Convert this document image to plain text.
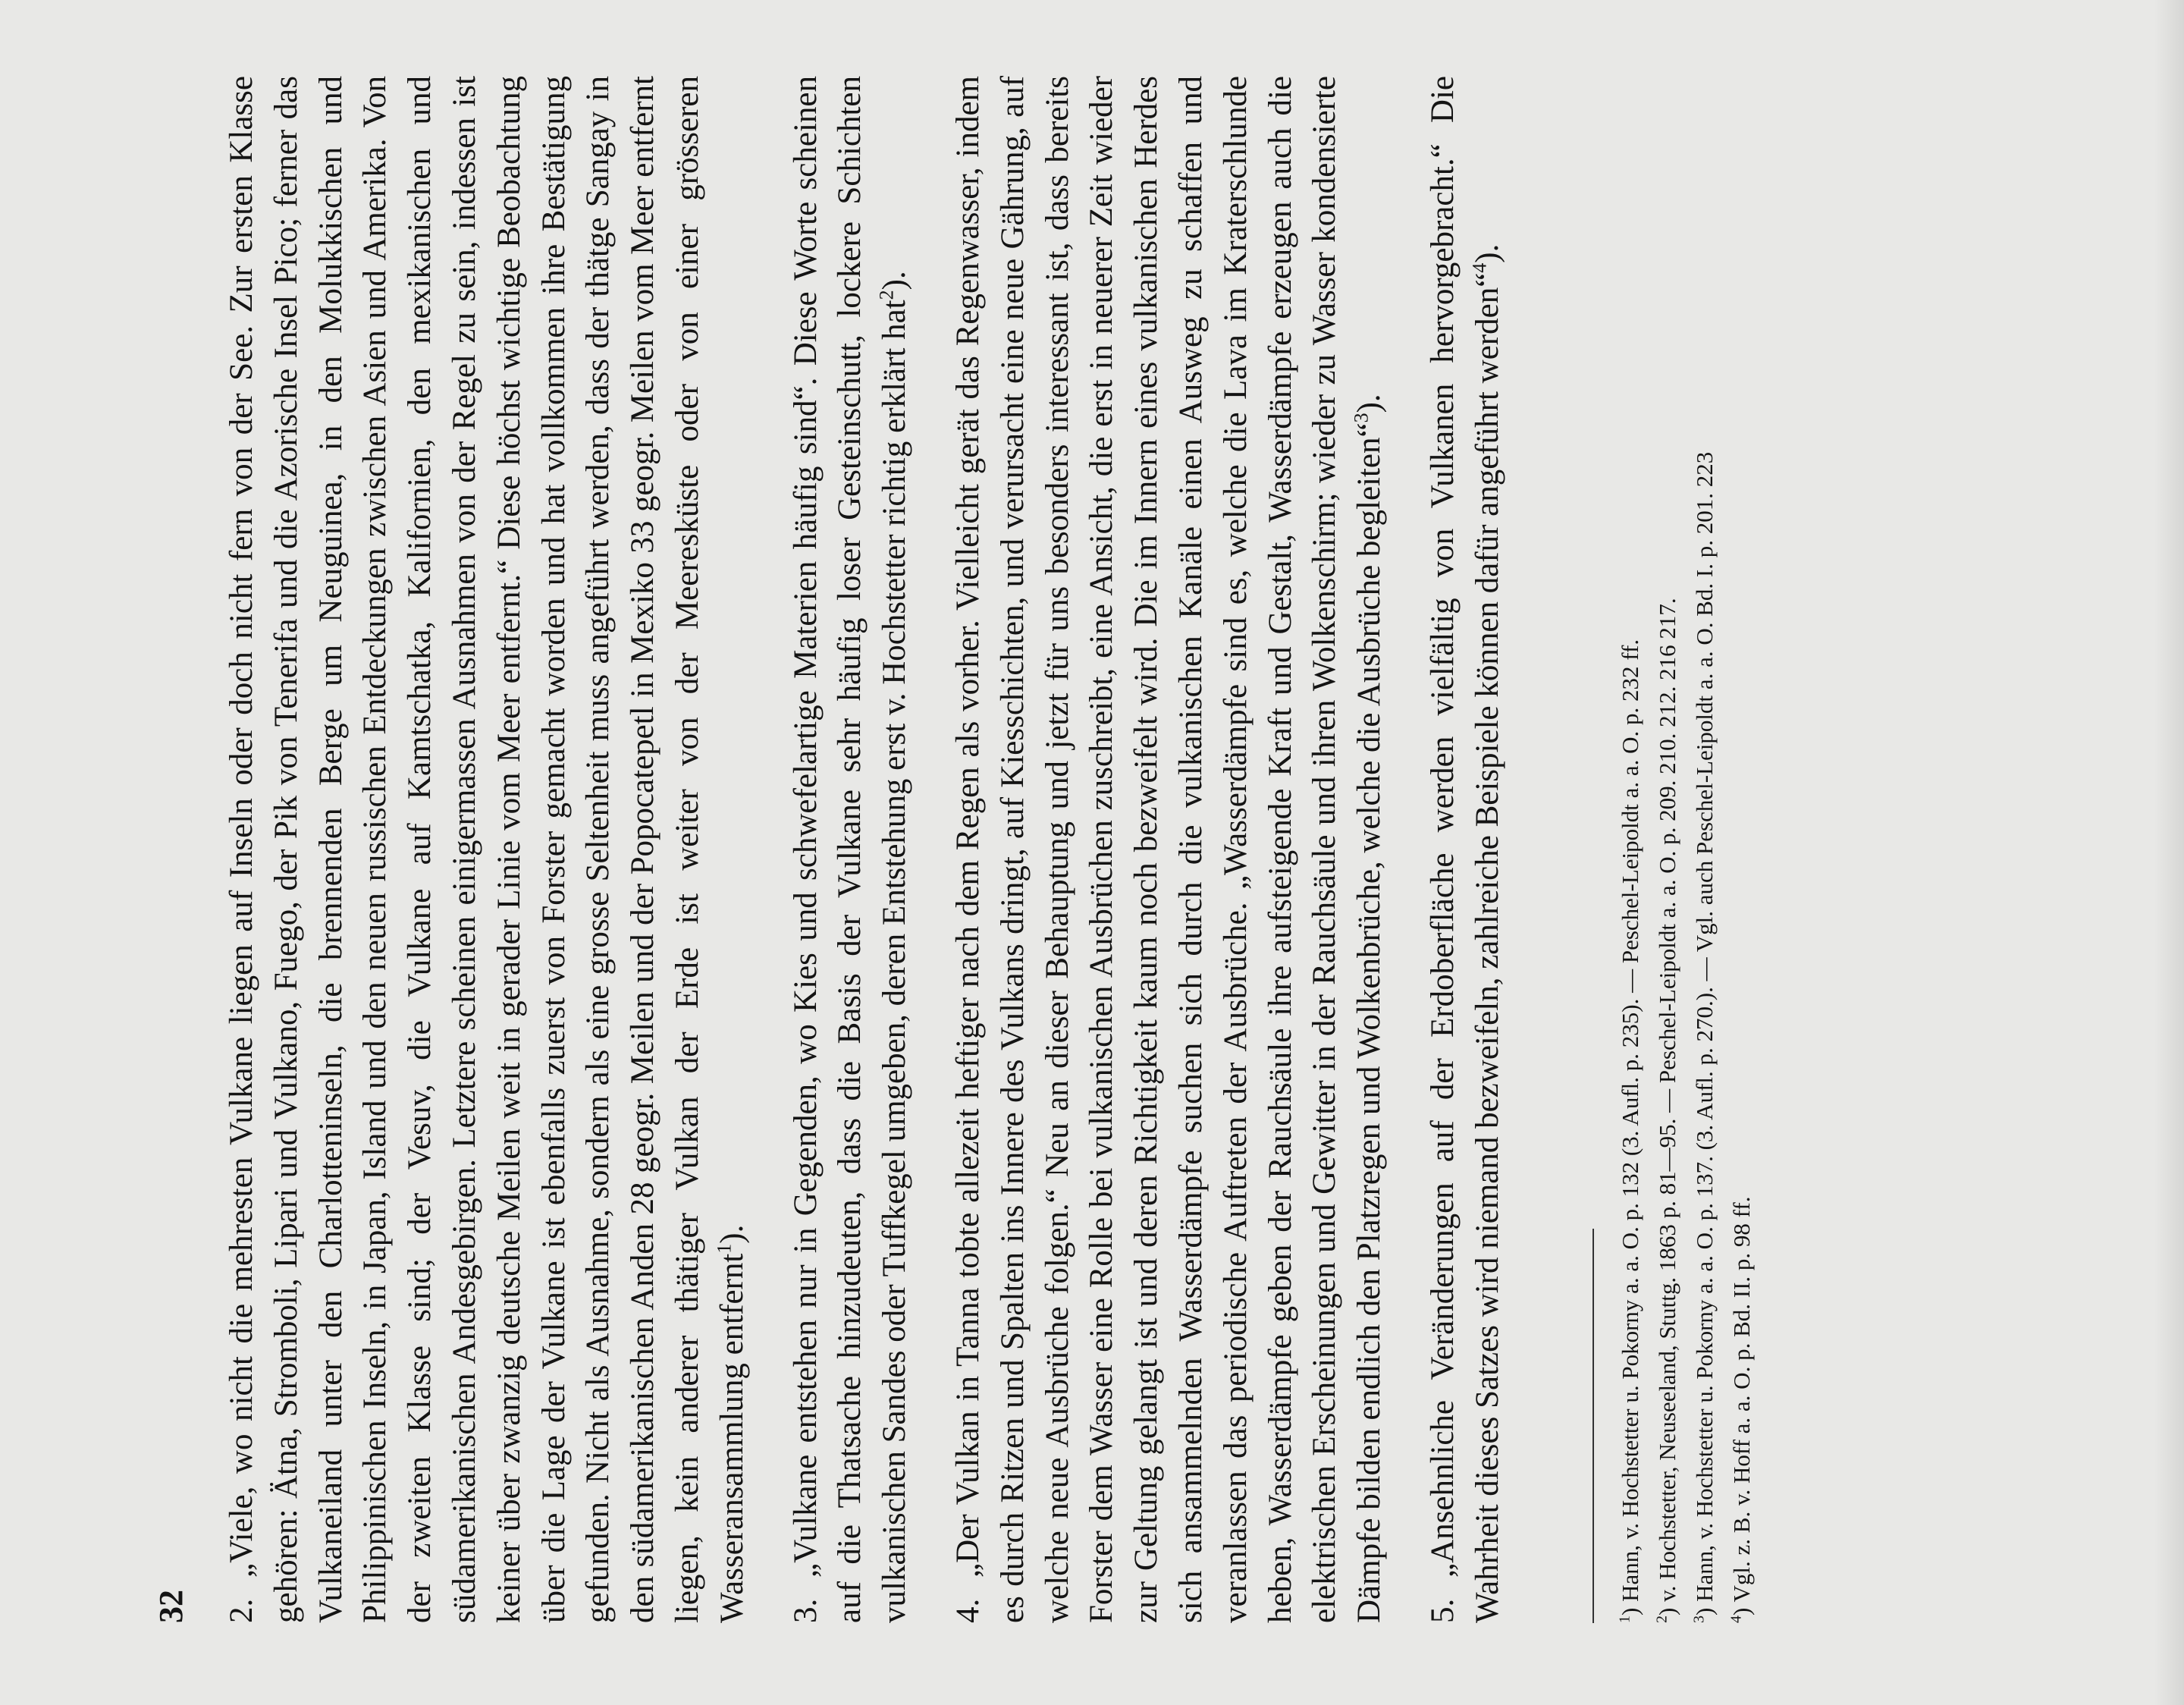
32 2.„Viele, wo nicht die mehresten Vulkane liegen auf Inseln oder doch nicht fern von der See. Zur ersten Klasse gehören: Ätna, Stromboli, Lipari und Vulkano, Fuego, der Pik von Tenerifa und die Azorische Insel Pico; ferner das Vulkaneiland unter den Charlotteninseln, die brennenden Berge um Neuguinea, in den Molukkischen und Philippinischen Inseln, in Japan, Island und den neuen russischen Entdeckungen zwischen Asien und Amerika. Von der zweiten Klasse sind; der Vesuv, die Vulkane auf Kamtschatka, Kalifornien, den mexikanischen und südamerikanischen Andesgebirgen. Letztere scheinen einigermassen Ausnahmen von der Regel zu sein, indessen ist keiner über zwanzig deutsche Meilen weit in gerader Linie vom Meer entfernt.“ Diese höchst wichtige Beobachtung über die Lage der Vulkane ist ebenfalls zuerst von Forster gemacht worden und hat vollkommen ihre Bestätigung gefunden. Nicht als Ausnahme, sondern als eine grosse Seltenheit muss angeführt werden, dass der thätge Sangay in den südamerikanischen Anden 28 geogr. Meilen und der Popocatepetl in Mexiko 33 geogr. Meilen vom Meer entfernt liegen, kein anderer thätiger Vulkan der Erde ist weiter von der Meeresküste oder von einer grösseren Wasseransammlung entfernt$^1$).

3.„Vulkane entstehen nur in Gegenden, wo Kies und schwefelartige Materien häufig sind“. Diese Worte scheinen auf die Thatsache hinzudeuten, dass die Basis der Vulkane sehr häufig loser Gesteinschutt, lockere Schichten vulkanischen Sandes oder Tuffkegel umgeben, deren Entstehung erst v. Hochstetter richtig erklärt hat$^2$).

4.„Der Vulkan in Tanna tobte allezeit heftiger nach dem Regen als vorher. Vielleicht gerät das Regenwasser, indem es durch Ritzen und Spalten ins Innere des Vulkans dringt, auf Kiesschichten, und verursacht eine neue Gährung, auf welche neue Ausbrüche folgen.“ Neu an dieser Behauptung und jetzt für uns besonders interessant ist, dass bereits Forster dem Wasser eine Rolle bei vulkanischen Ausbrüchen zuschreibt, eine Ansicht, die erst in neuerer Zeit wieder zur Geltung gelangt ist und deren Richtigkeit kaum noch bezweifelt wird. Die im Innern eines vulkanischen Herdes sich ansammelnden Wasserdämpfe suchen sich durch die vulkanischen Kanäle einen Ausweg zu schaffen und veranlassen das periodische Auftreten der Ausbrüche. „Wasserdämpfe sind es, welche die Lava im Kraterschlunde heben, Wasserdämpfe geben der Rauchsäule ihre aufsteigende Kraft und Gestalt, Wasserdämpfe erzeugen auch die elektrischen Erscheinungen und Gewitter in der Rauchsäule und ihren Wolkenschirm; wieder zu Wasser kondensierte Dämpfe bilden endlich den Platzregen und Wolkenbrüche, welche die Ausbrüche begleiten“$^3$).

5.„Ansehnliche Veränderungen auf der Erdoberfläche werden vielfältig von Vulkanen hervorgebracht.“ Die Wahrheit dieses Satzes wird niemand bezweifeln, zahlreiche Beispiele können dafür angeführt werden“$^4$).

$^1$) Hann, v. Hochstetter u. Pokorny a. a. O. p. 132 (3. Aufl. p. 235). — Peschel-Leipoldt a. a. O. p. 232 ff.

$^2$) v. Hochstetter, Neuseeland, Stuttg. 1863 p. 81—95. — Peschel-Leipoldt a. a. O. p. 209. 210. 212. 216 217.

$^3$) Hann, v. Hochstetter u. Pokorny a. a. O. p. 137. (3. Aufl. p. 270.). — Vgl. auch Peschel-Leipoldt a. a. O. Bd. I. p. 201. 223

$^4$) Vgl. z. B. v. Hoff a. a. O. p. Bd. II. p. 98 ff.
